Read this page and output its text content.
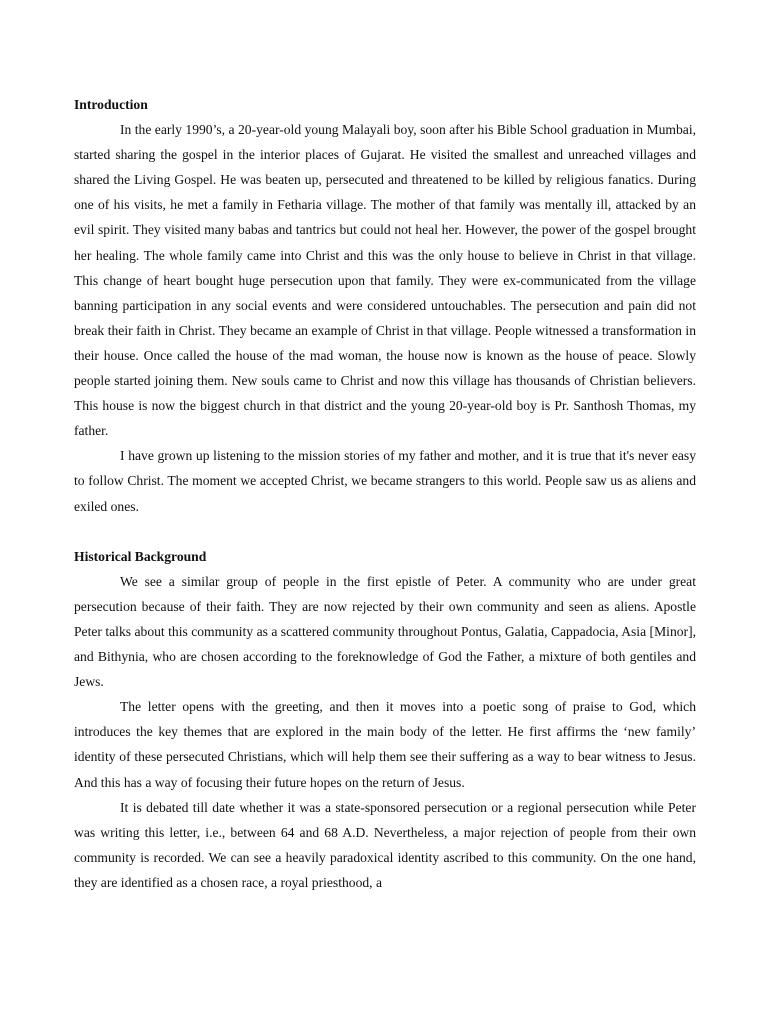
Introduction

In the early 1990’s, a 20-year-old young Malayali boy, soon after his Bible School graduation in Mumbai, started sharing the gospel in the interior places of Gujarat. He visited the smallest and unreached villages and shared the Living Gospel. He was beaten up, persecuted and threatened to be killed by religious fanatics. During one of his visits, he met a family in Fetharia village. The mother of that family was mentally ill, attacked by an evil spirit. They visited many babas and tantrics but could not heal her. However, the power of the gospel brought her healing. The whole family came into Christ and this was the only house to believe in Christ in that village. This change of heart bought huge persecution upon that family. They were ex-communicated from the village banning participation in any social events and were considered untouchables. The persecution and pain did not break their faith in Christ. They became an example of Christ in that village. People witnessed a transformation in their house. Once called the house of the mad woman, the house now is known as the house of peace. Slowly people started joining them. New souls came to Christ and now this village has thousands of Christian believers. This house is now the biggest church in that district and the young 20-year-old boy is Pr. Santhosh Thomas, my father.

I have grown up listening to the mission stories of my father and mother, and it is true that it's never easy to follow Christ. The moment we accepted Christ, we became strangers to this world. People saw us as aliens and exiled ones.

Historical Background

We see a similar group of people in the first epistle of Peter. A community who are under great persecution because of their faith. They are now rejected by their own community and seen as aliens. Apostle Peter talks about this community as a scattered community throughout Pontus, Galatia, Cappadocia, Asia [Minor], and Bithynia, who are chosen according to the foreknowledge of God the Father, a mixture of both gentiles and Jews.

The letter opens with the greeting, and then it moves into a poetic song of praise to God, which introduces the key themes that are explored in the main body of the letter. He first affirms the ‘new family’ identity of these persecuted Christians, which will help them see their suffering as a way to bear witness to Jesus. And this has a way of focusing their future hopes on the return of Jesus.

It is debated till date whether it was a state-sponsored persecution or a regional persecution while Peter was writing this letter, i.e., between 64 and 68 A.D. Nevertheless, a major rejection of people from their own community is recorded. We can see a heavily paradoxical identity ascribed to this community. On the one hand, they are identified as a chosen race, a royal priesthood, a
